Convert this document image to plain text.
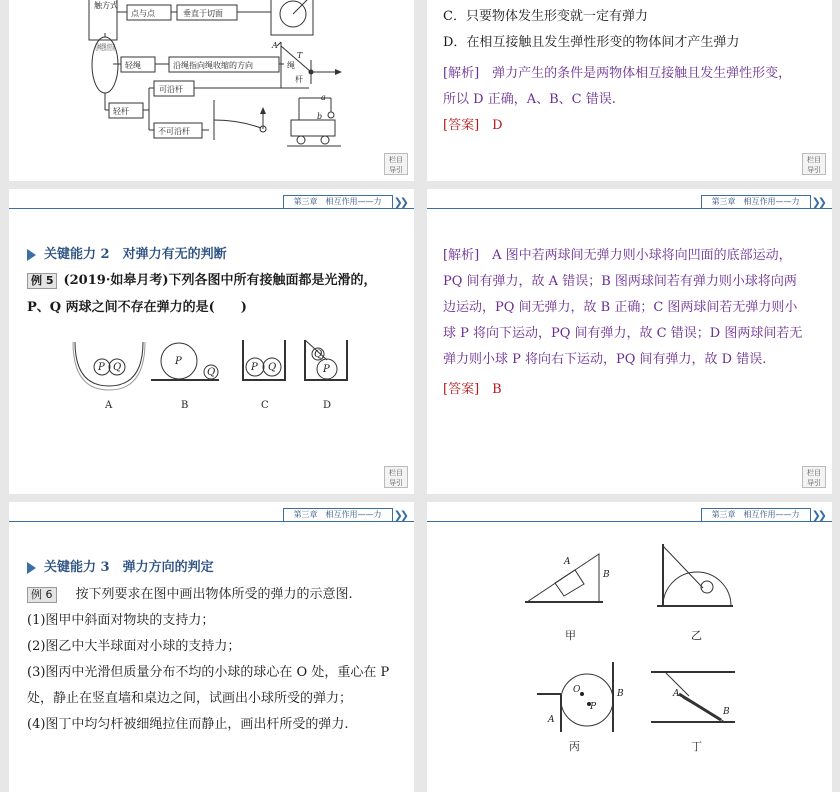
触方式
点与点	垂直于切面
几种典型弹力的方向
轻绳	沿绳指向绳收缩的方向
轻杆
可沿杆
不可沿杆
A
T
绳
杆
a
b
栏目
导引
C．只要物体发生形变就一定有弹力
D．在相互接触且发生弹性形变的物体间才产生弹力
[解析]　弹力产生的条件是两物体相互接触且发生弹性形变，
所以 D 正确，A、B、C 错误.
[答案]　 D
栏目
导引
第三章　相互作用——力	❯❯
关键能力 2　对弹力有无的判断
例 5 (2019·如皋月考)下列各图中所有接触面都是光滑的，
P、Q 两球之间不存在弹力的是(　　)
P Q
P
Q	P Q	P
Q
A	B	C	D
栏目
导引
第三章　相互作用——力	❯❯
[解析]　A 图中若两球间无弹力则小球将向凹面的底部运动，
PQ 间有弹力，故 A 错误；B 图两球间若有弹力则小球将向两
边运动，PQ 间无弹力，故 B 正确；C 图两球间若无弹力则小
球 P 将向下运动，PQ 间有弹力，故 C 错误；D 图两球间若无
弹力则小球 P 将向右下运动，PQ 间有弹力，故 D 错误.
[答案]　 B
栏目
导引
第三章　相互作用——力	❯❯
关键能力 3　弹力方向的判定
例 6　按下列要求在图中画出物体所受的弹力的示意图.
(1)图甲中斜面对物块的支持力；
(2)图乙中大半球面对小球的支持力；
(3)图丙中光滑但质量分布不均的小球的球心在 O 处，重心在 P
处，静止在竖直墙和桌边之间，试画出小球所受的弹力；
(4)图丁中均匀杆被细绳拉住而静止，画出杆所受的弹力.
第三章　相互作用——力	❯❯
A
B
O
P
A
B	A
B
甲	乙
丙	丁
